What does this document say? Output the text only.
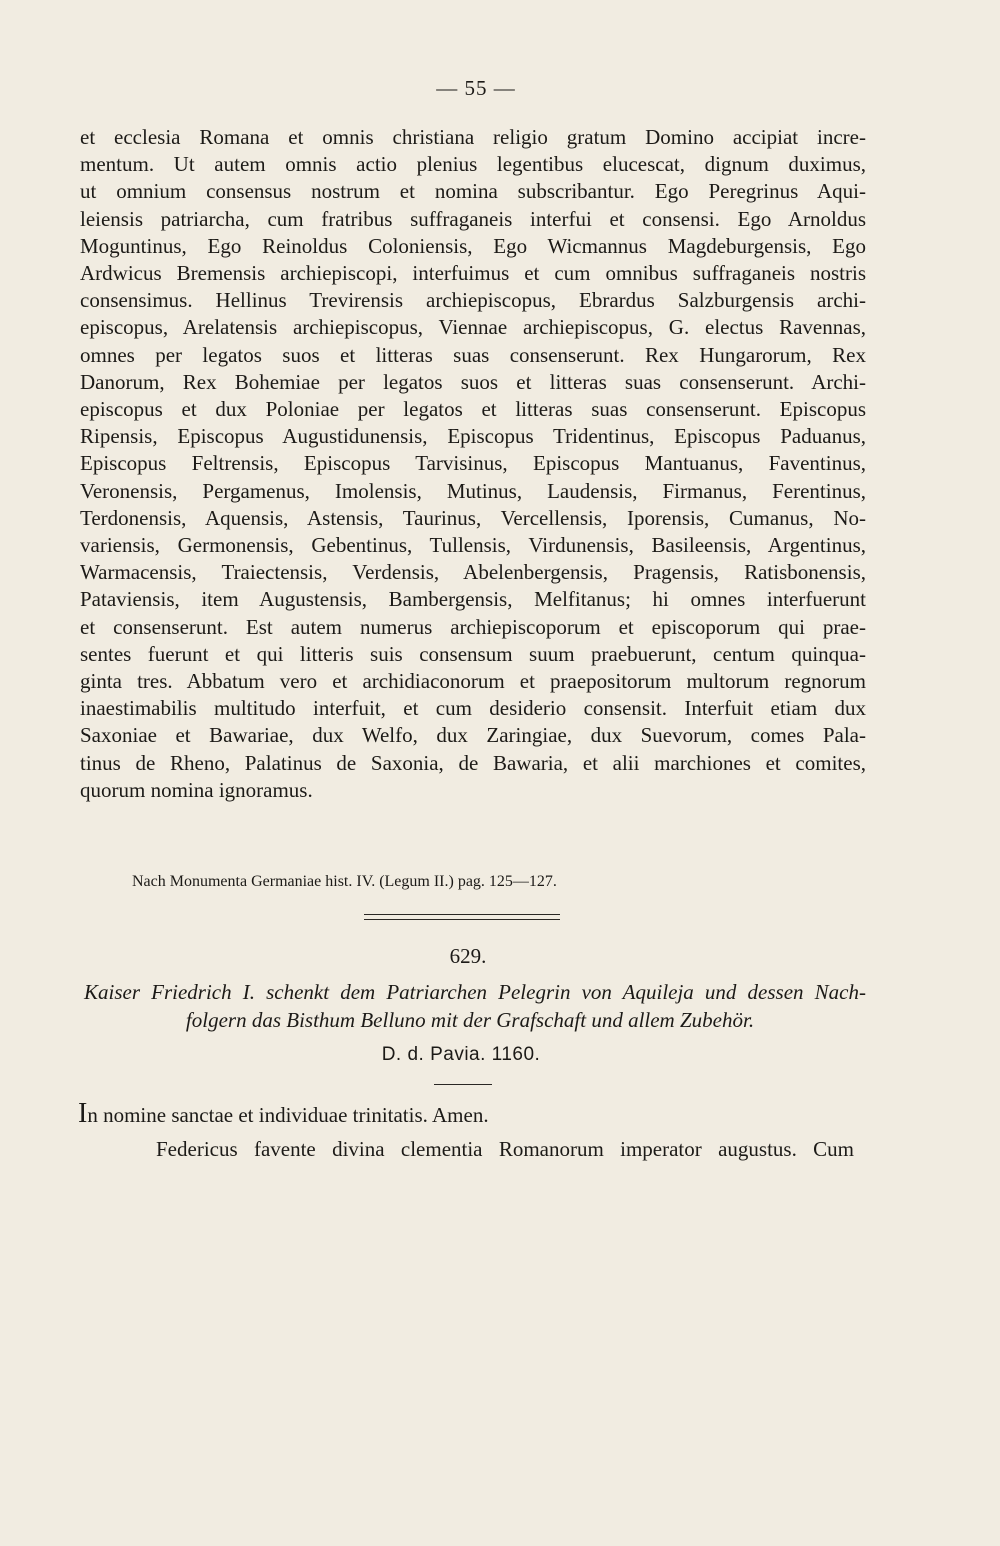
— 55 —
et ecclesia Romana et omnis christiana religio gratum Domino accipiat incre-
mentum. Ut autem omnis actio plenius legentibus elucescat, dignum duximus,
ut omnium consensus nostrum et nomina subscribantur. Ego Peregrinus Aqui-
leiensis patriarcha, cum fratribus suffraganeis interfui et consensi. Ego Arnoldus
Moguntinus, Ego Reinoldus Coloniensis, Ego Wicmannus Magdeburgensis, Ego
Ardwicus Bremensis archiepiscopi, interfuimus et cum omnibus suffraganeis nostris
consensimus. Hellinus Trevirensis archiepiscopus, Ebrardus Salzburgensis archi-
episcopus, Arelatensis archiepiscopus, Viennae archiepiscopus, G. electus Ravennas,
omnes per legatos suos et litteras suas consenserunt. Rex Hungarorum, Rex
Danorum, Rex Bohemiae per legatos suos et litteras suas consenserunt. Archi-
episcopus et dux Poloniae per legatos et litteras suas consenserunt. Episcopus
Ripensis, Episcopus Augustidunensis, Episcopus Tridentinus, Episcopus Paduanus,
Episcopus Feltrensis, Episcopus Tarvisinus, Episcopus Mantuanus, Faventinus,
Veronensis, Pergamenus, Imolensis, Mutinus, Laudensis, Firmanus, Ferentinus,
Terdonensis, Aquensis, Astensis, Taurinus, Vercellensis, Iporensis, Cumanus, No-
variensis, Germonensis, Gebentinus, Tullensis, Virdunensis, Basileensis, Argentinus,
Warmacensis, Traiectensis, Verdensis, Abelenbergensis, Pragensis, Ratisbonensis,
Pataviensis, item Augustensis, Bambergensis, Melfitanus; hi omnes interfuerunt
et consenserunt. Est autem numerus archiepiscoporum et episcoporum qui prae-
sentes fuerunt et qui litteris suis consensum suum praebuerunt, centum quinqua-
ginta tres. Abbatum vero et archidiaconorum et praepositorum multorum regnorum
inaestimabilis multitudo interfuit, et cum desiderio consensit. Interfuit etiam dux
Saxoniae et Bawariae, dux Welfo, dux Zaringiae, dux Suevorum, comes Pala-
tinus de Rheno, Palatinus de Saxonia, de Bawaria, et alii marchiones et comites,
quorum nomina ignoramus.
Nach Monumenta Germaniae hist. IV. (Legum II.) pag. 125—127.
629.
Kaiser Friedrich I. schenkt dem Patriarchen Pelegrin von Aquileja und dessen Nach-
folgern das Bisthum Belluno mit der Grafschaft und allem Zubehör.
D. d. Pavia. 1160.
In nomine sanctae et individuae trinitatis. Amen.
Federicus favente divina clementia Romanorum imperator augustus. Cum
